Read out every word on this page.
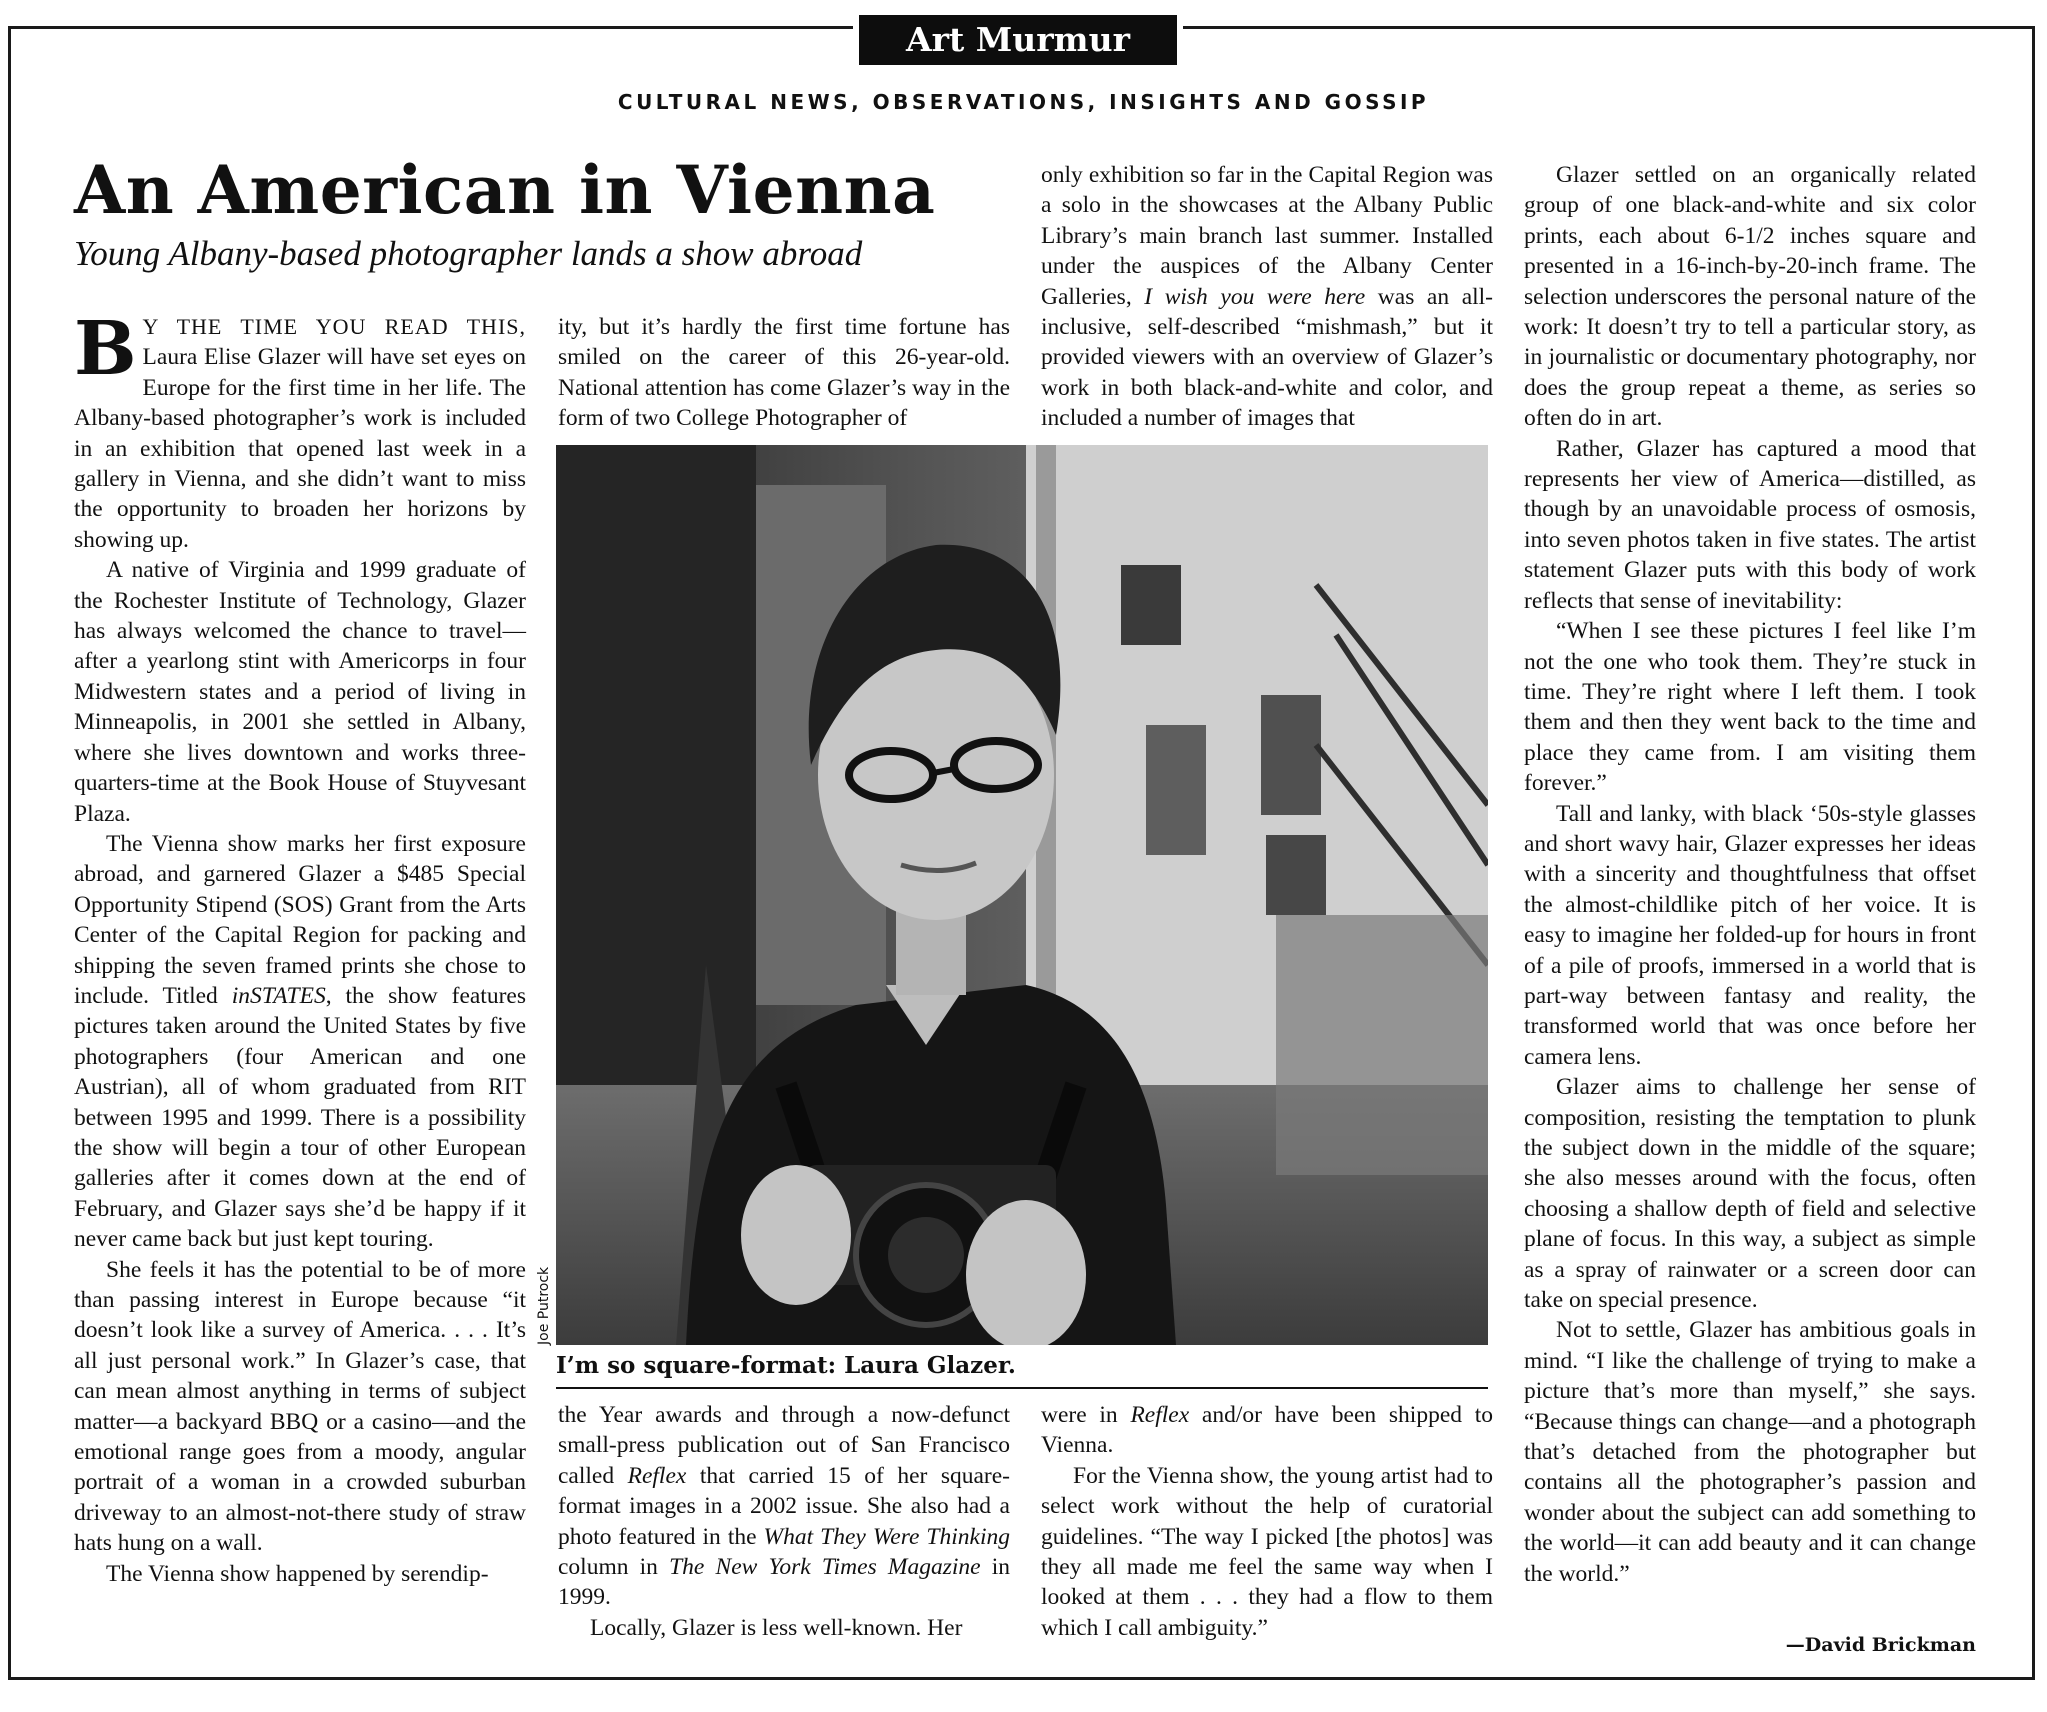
Art Murmur
CULTURAL NEWS, OBSERVATIONS, INSIGHTS AND GOSSIP
An American in Vienna
Young Albany-based photographer lands a show abroad

B Y THE TIME YOU READ THIS, Laura Elise Glazer will have set eyes on Europe for the first time in her life. The Albany-based photographer’s work is included in an exhibition that opened last week in a gallery in Vienna, and she didn’t want to miss the opportunity to broaden her horizons by showing up.

A native of Virginia and 1999 graduate of the Rochester Institute of Technology, Glazer has always welcomed the chance to travel—after a yearlong stint with Americorps in four Midwestern states and a period of living in Minneapolis, in 2001 she settled in Albany, where she lives downtown and works three-quarters-time at the Book House of Stuyvesant Plaza.

The Vienna show marks her first exposure abroad, and garnered Glazer a $485 Special Opportunity Stipend (SOS) Grant from the Arts Center of the Capital Region for packing and shipping the seven framed prints she chose to include. Titled inSTATES, the show features pictures taken around the United States by five photographers (four American and one Austrian), all of whom graduated from RIT between 1995 and 1999. There is a possibility the show will begin a tour of other European galleries after it comes down at the end of February, and Glazer says she’d be happy if it never came back but just kept touring.

She feels it has the potential to be of more than passing interest in Europe because “it doesn’t look like a survey of America. . . . It’s all just personal work.” In Glazer’s case, that can mean almost anything in terms of subject matter—a backyard BBQ or a casino—and the emotional range goes from a moody, angular portrait of a woman in a crowded suburban driveway to an almost-not-there study of straw hats hung on a wall.

The Vienna show happened by serendip-

ity, but it’s hardly the first time fortune has smiled on the career of this 26-year-old. National attention has come Glazer’s way in the form of two College Photographer of

only exhibition so far in the Capital Region was a solo in the showcases at the Albany Public Library’s main branch last summer. Installed under the auspices of the Albany Center Galleries, I wish you were here was an all-inclusive, self-described “mishmash,” but it provided viewers with an overview of Glazer’s work in both black-and-white and color, and included a number of images that

Glazer settled on an organically related group of one black-and-white and six color prints, each about 6-1/2 inches square and presented in a 16-inch-by-20-inch frame. The selection underscores the personal nature of the work: It doesn’t try to tell a particular story, as in journalistic or documentary photography, nor does the group repeat a theme, as series so often do in art.

Rather, Glazer has captured a mood that represents her view of America—distilled, as though by an unavoidable process of osmosis, into seven photos taken in five states. The artist statement Glazer puts with this body of work reflects that sense of inevitability:

“When I see these pictures I feel like I’m not the one who took them. They’re stuck in time. They’re right where I left them. I took them and then they went back to the time and place they came from. I am visiting them forever.”

Tall and lanky, with black ‘50s-style glasses and short wavy hair, Glazer expresses her ideas with a sincerity and thoughtfulness that offset the almost-childlike pitch of her voice. It is easy to imagine her folded-up for hours in front of a pile of proofs, immersed in a world that is part-way between fantasy and reality, the transformed world that was once before her camera lens.

Glazer aims to challenge her sense of composition, resisting the temptation to plunk the subject down in the middle of the square; she also messes around with the focus, often choosing a shallow depth of field and selective plane of focus. In this way, a subject as simple as a spray of rainwater or a screen door can take on special presence.

Not to settle, Glazer has ambitious goals in mind. “I like the challenge of trying to make a picture that’s more than myself,” she says. “Because things can change—and a photograph that’s detached from the photographer but contains all the photographer’s passion and wonder about the subject can add something to the world—it can add beauty and it can change the world.”

Joe Putrock
I’m so square-format: Laura Glazer.

the Year awards and through a now-defunct small-press publication out of San Francisco called Reflex that carried 15 of her square-format images in a 2002 issue. She also had a photo featured in the What They Were Thinking column in The New York Times Magazine in 1999.

Locally, Glazer is less well-known. Her

were in Reflex and/or have been shipped to Vienna.

For the Vienna show, the young artist had to select work without the help of curatorial guidelines. “The way I picked [the photos] was they all made me feel the same way when I looked at them . . . they had a flow to them which I call ambiguity.”

—David Brickman
